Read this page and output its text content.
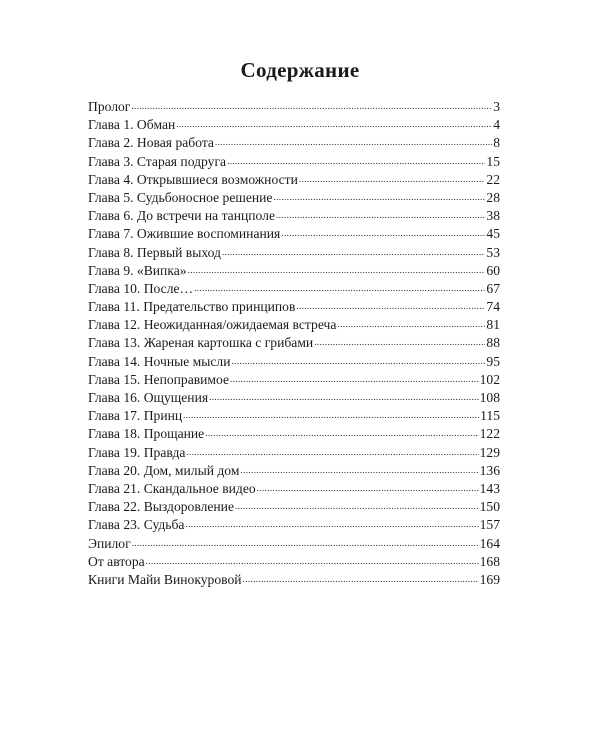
Содержание
Пролог .....	3
Глава 1. Обман .....	4
Глава 2. Новая работа .....	8
Глава 3. Старая подруга .....	15
Глава 4. Открывшиеся возможности .....	22
Глава 5. Судьбоносное решение .....	28
Глава 6. До встречи на танцполе .....	38
Глава 7. Ожившие воспоминания .....	45
Глава 8. Первый выход .....	53
Глава 9. «Випка» .....	60
Глава 10. После… .....	67
Глава 11. Предательство принципов .....	74
Глава 12. Неожиданная/ожидаемая встреча .....	81
Глава 13. Жареная картошка с грибами .....	88
Глава 14. Ночные мысли .....	95
Глава 15. Непоправимое .....	102
Глава 16. Ощущения .....	108
Глава 17. Принц .....	115
Глава 18. Прощание .....	122
Глава 19. Правда .....	129
Глава 20. Дом, милый дом .....	136
Глава 21. Скандальное видео .....	143
Глава 22. Выздоровление .....	150
Глава 23. Судьба .....	157
Эпилог .....	164
От автора .....	168
Книги Майи Винокуровой .....	169
